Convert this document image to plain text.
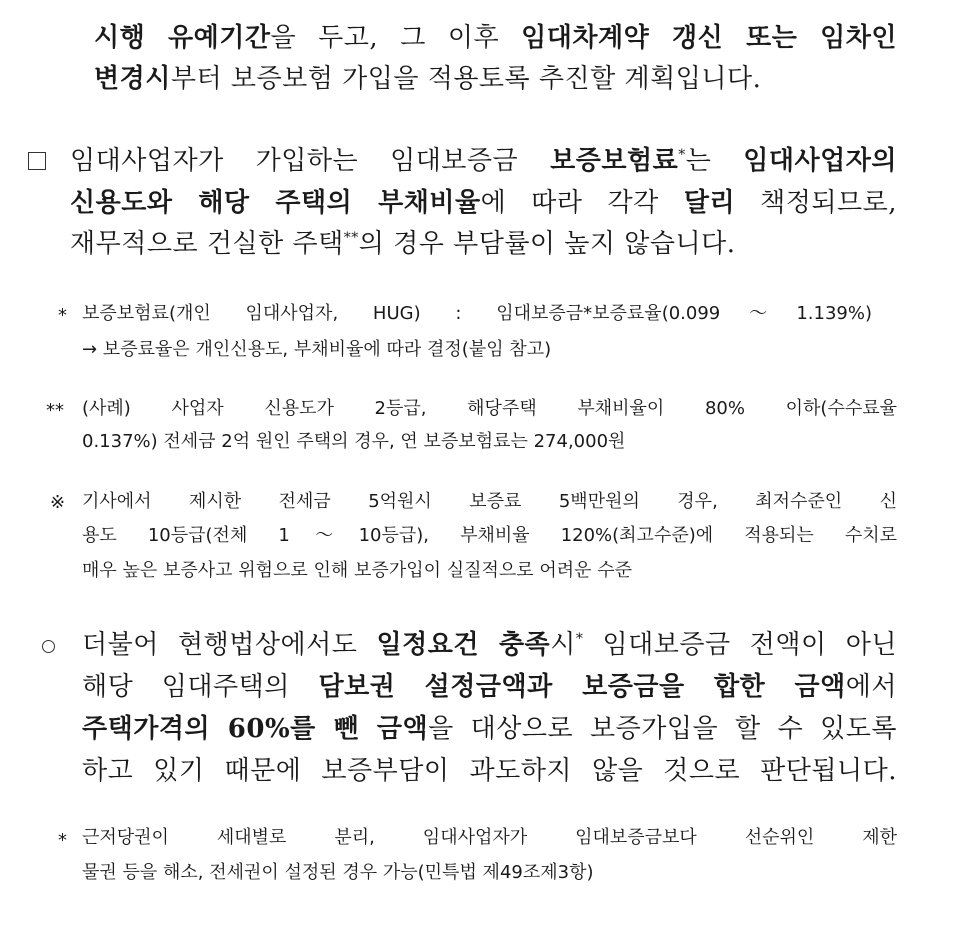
시행 유예기간을 두고, 그 이후 임대차계약 갱신 또는 임차인
변경시부터 보증보험 가입을 적용토록 추진할 계획입니다.
임대사업자가 가입하는 임대보증금 보증보험료*는 임대사업자의
신용도와 해당 주택의 부채비율에 따라 각각 달리 책정되므로,
재무적으로 건실한 주택**의 경우 부담률이 높지 않습니다.
* 보증보험료(개인 임대사업자, HUG) : 임대보증금*보증료율(0.099～1.139%)
→ 보증료율은 개인신용도, 부채비율에 따라 결정(붙임 참고)
** (사례) 사업자 신용도가 2등급, 해당주택 부채비율이 80% 이하(수수료율
0.137%) 전세금 2억 원인 주택의 경우, 연 보증보험료는 274,000원
※ 기사에서 제시한 전세금 5억원시 보증료 5백만원의 경우, 최저수준인 신
용도 10등급(전체 1～10등급), 부채비율 120%(최고수준)에 적용되는 수치로
매우 높은 보증사고 위험으로 인해 보증가입이 실질적으로 어려운 수준
더불어 현행법상에서도 일정요건 충족시* 임대보증금 전액이 아닌
해당 임대주택의 담보권 설정금액과 보증금을 합한 금액에서
주택가격의 60%를 뺀 금액을 대상으로 보증가입을 할 수 있도록
하고 있기 때문에 보증부담이 과도하지 않을 것으로 판단됩니다.
* 근저당권이 세대별로 분리, 임대사업자가 임대보증금보다 선순위인 제한
물권 등을 해소, 전세권이 설정된 경우 가능(민특법 제49조제3항)
